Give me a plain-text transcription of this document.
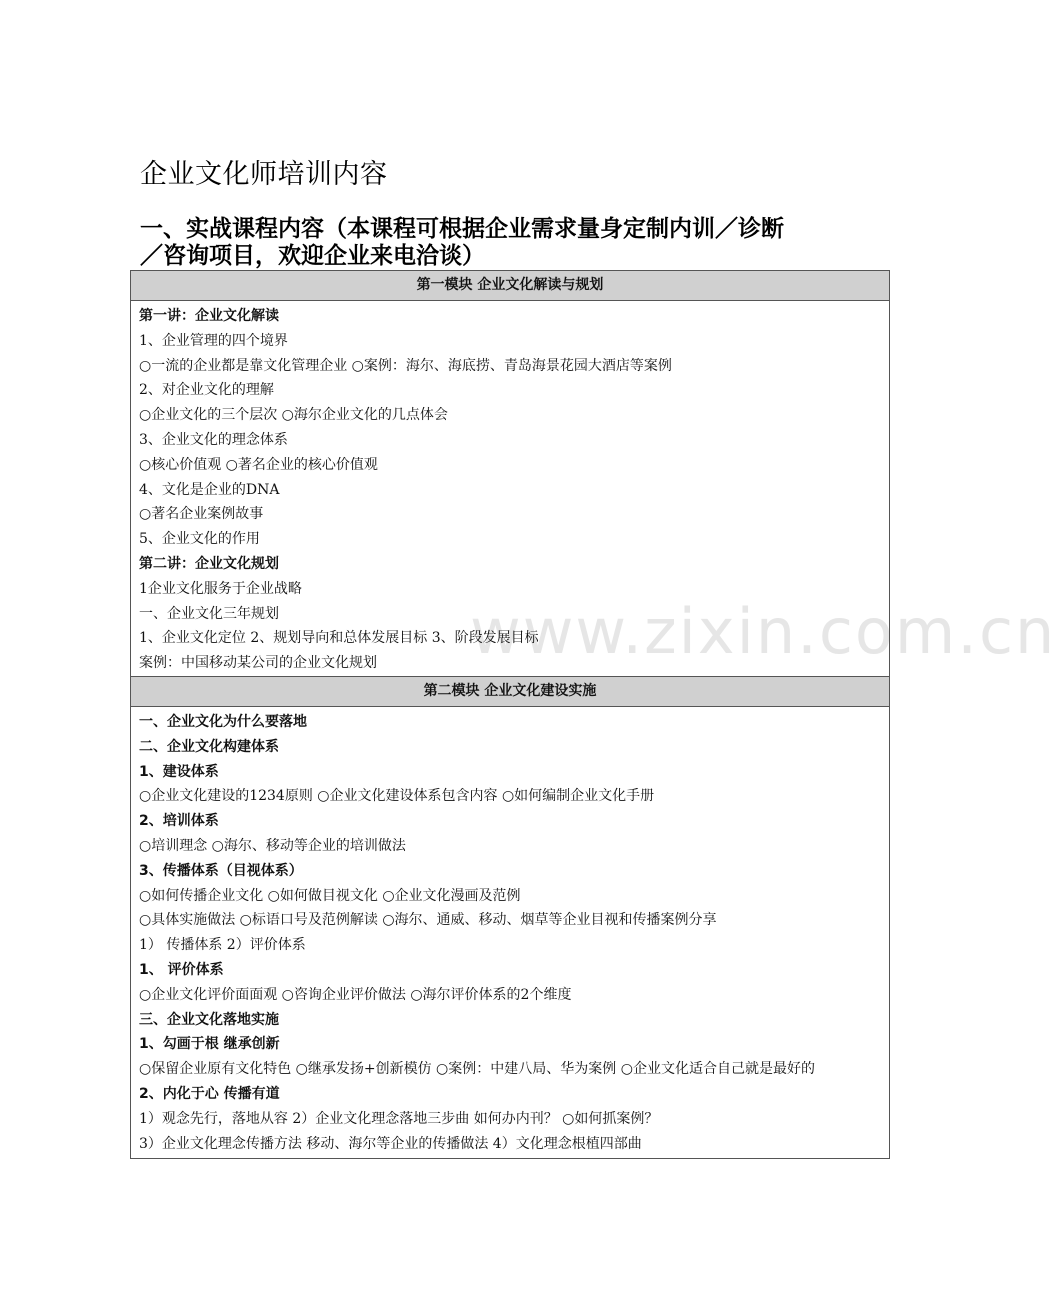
www.zixin.com.cn
企业文化师培训内容
一、实战课程内容（本课程可根据企业需求量身定制内训／诊断／咨询项目，欢迎企业来电洽谈）
第一模块 企业文化解读与规划
第一讲：企业文化解读
1、企业管理的四个境界
○一流的企业都是靠文化管理企业 ○案例：海尔、海底捞、青岛海景花园大酒店等案例
2、对企业文化的理解
○企业文化的三个层次 ○海尔企业文化的几点体会
3、企业文化的理念体系
○核心价值观 ○著名企业的核心价值观
4、文化是企业的DNA
○著名企业案例故事
5、企业文化的作用
第二讲：企业文化规划
1企业文化服务于企业战略
一、企业文化三年规划
1、企业文化定位 2、规划导向和总体发展目标 3、阶段发展目标
案例：中国移动某公司的企业文化规划
第二模块 企业文化建设实施
一、企业文化为什么要落地
二、企业文化构建体系
1、建设体系
○企业文化建设的1234原则 ○企业文化建设体系包含内容 ○如何编制企业文化手册
2、培训体系
○培训理念 ○海尔、移动等企业的培训做法
3、传播体系（目视体系）
○如何传播企业文化 ○如何做目视文化 ○企业文化漫画及范例
○具体实施做法 ○标语口号及范例解读 ○海尔、通威、移动、烟草等企业目视和传播案例分享
1） 传播体系 2）评价体系
1、 评价体系
○企业文化评价面面观 ○咨询企业评价做法 ○海尔评价体系的2个维度
三、企业文化落地实施
1、勾画于根 继承创新
○保留企业原有文化特色 ○继承发扬+创新模仿 ○案例：中建八局、华为案例 ○企业文化适合自己就是最好的
2、内化于心 传播有道
1）观念先行，落地从容 2）企业文化理念落地三步曲 如何办内刊？ ○如何抓案例？
3）企业文化理念传播方法 移动、海尔等企业的传播做法 4）文化理念根植四部曲
